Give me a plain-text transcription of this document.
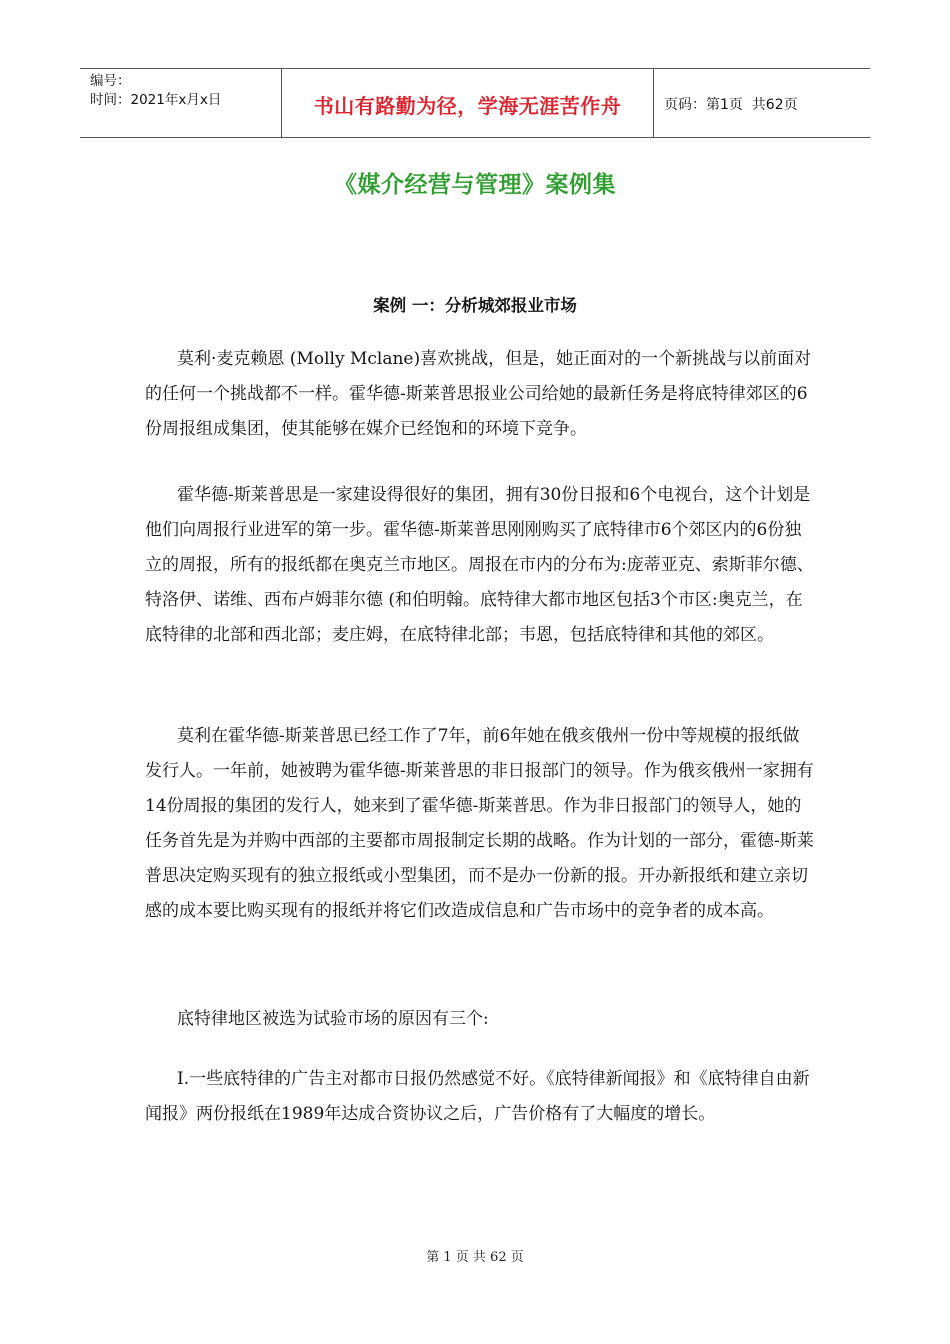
编号：
时间：2021年x月x日	书山有路勤为径，学海无涯苦作舟	页码：第1页  共62页
《媒介经营与管理》案例集
案例 一：分析城郊报业市场

莫利·麦克赖恩 (Molly Mclane)喜欢挑战，但是，她正面对的一个新挑战与以前面对的任何一个挑战都不一样。霍华德-斯莱普思报业公司给她的最新任务是将底特律郊区的6份周报组成集团，使其能够在媒介已经饱和的环境下竞争。

霍华德-斯莱普思是一家建设得很好的集团，拥有30份日报和6个电视台，这个计划是他们向周报行业进军的第一步。霍华德-斯莱普思刚刚购买了底特律市6个郊区内的6份独立的周报，所有的报纸都在奥克兰市地区。周报在市内的分布为:庞蒂亚克、索斯菲尔德、特洛伊、诺维、西布卢姆菲尔德 (和伯明翰。底特律大都市地区包括3个市区:奥克兰，在底特律的北部和西北部；麦庄姆，在底特律北部；韦恩，包括底特律和其他的郊区。

莫利在霍华德-斯莱普思已经工作了7年，前6年她在俄亥俄州一份中等规模的报纸做发行人。一年前，她被聘为霍华德-斯莱普思的非日报部门的领导。作为俄亥俄州一家拥有14份周报的集团的发行人，她来到了霍华德-斯莱普思。作为非日报部门的领导人，她的任务首先是为并购中西部的主要都市周报制定长期的战略。作为计划的一部分，霍德-斯莱普思决定购买现有的独立报纸或小型集团，而不是办一份新的报。开办新报纸和建立亲切感的成本要比购买现有的报纸并将它们改造成信息和广告市场中的竞争者的成本高。

底特律地区被选为试验市场的原因有三个:

I.一些底特律的广告主对都市日报仍然感觉不好。《底特律新闻报》和《底特律自由新闻报》两份报纸在1989年达成合资协议之后，广告价格有了大幅度的增长。

第 1 页 共 62 页
